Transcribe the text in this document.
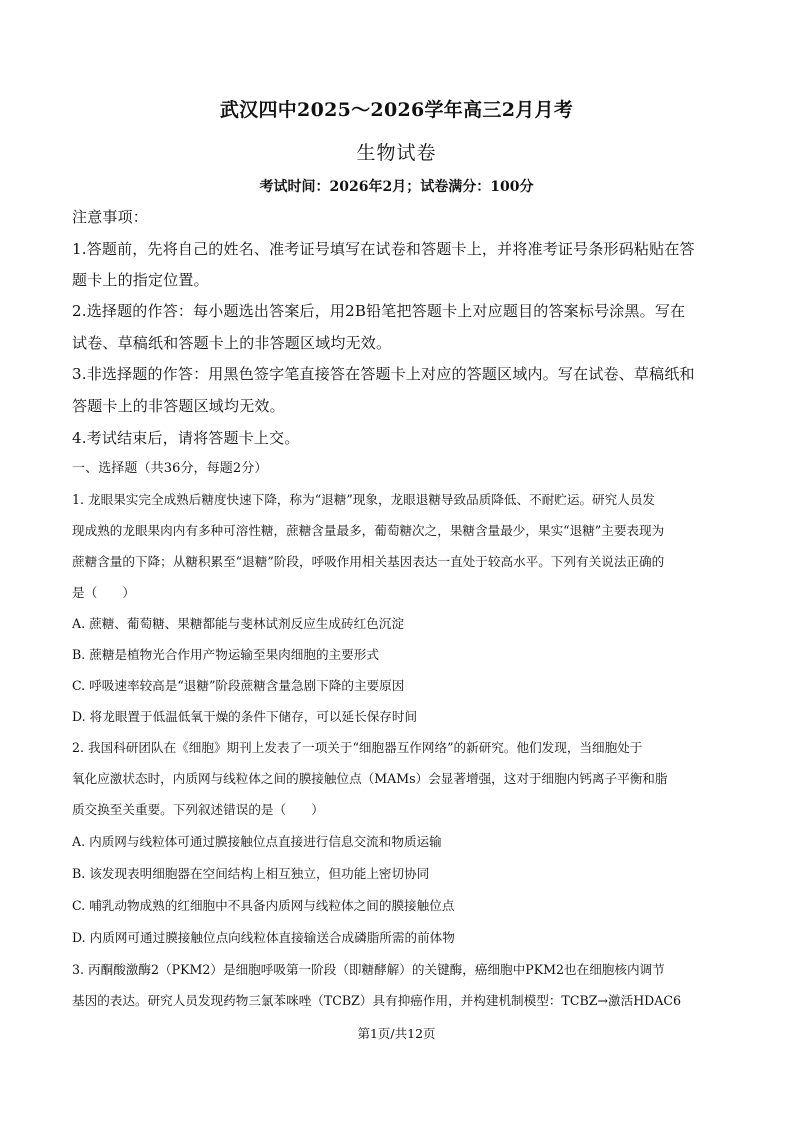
武汉四中2025～2026学年高三2月月考
生物试卷
考试时间：2026年2月；试卷满分：100分
注意事项：
1.答题前，先将自己的姓名、准考证号填写在试卷和答题卡上，并将准考证号条形码粘贴在答
题卡上的指定位置。
2.选择题的作答：每小题选出答案后，用2B铅笔把答题卡上对应题目的答案标号涂黑。写在
试卷、草稿纸和答题卡上的非答题区域均无效。
3.非选择题的作答：用黑色签字笔直接答在答题卡上对应的答题区域内。写在试卷、草稿纸和
答题卡上的非答题区域均无效。
4.考试结束后，请将答题卡上交。
一、选择题（共36分，每题2分）
1. 龙眼果实完全成熟后糖度快速下降，称为“退糖”现象，龙眼退糖导致品质降低、不耐贮运。研究人员发
现成熟的龙眼果肉内有多种可溶性糖，蔗糖含量最多，葡萄糖次之，果糖含量最少，果实“退糖”主要表现为
蔗糖含量的下降；从糖积累至“退糖”阶段，呼吸作用相关基因表达一直处于较高水平。下列有关说法正确的
是（　　）
A. 蔗糖、葡萄糖、果糖都能与斐林试剂反应生成砖红色沉淀
B. 蔗糖是植物光合作用产物运输至果肉细胞的主要形式
C. 呼吸速率较高是“退糖”阶段蔗糖含量急剧下降的主要原因
D. 将龙眼置于低温低氧干燥的条件下储存，可以延长保存时间
2. 我国科研团队在《细胞》期刊上发表了一项关于“细胞器互作网络”的新研究。他们发现，当细胞处于
氧化应激状态时，内质网与线粒体之间的膜接触位点（MAMs）会显著增强，这对于细胞内钙离子平衡和脂
质交换至关重要。下列叙述错误的是（　　）
A. 内质网与线粒体可通过膜接触位点直接进行信息交流和物质运输
B. 该发现表明细胞器在空间结构上相互独立，但功能上密切协同
C. 哺乳动物成熟的红细胞中不具备内质网与线粒体之间的膜接触位点
D. 内质网可通过膜接触位点向线粒体直接输送合成磷脂所需的前体物
3. 丙酮酸激酶2（PKM2）是细胞呼吸第一阶段（即糖酵解）的关键酶，癌细胞中PKM2也在细胞核内调节
基因的表达。研究人员发现药物三氯苯咪唑（TCBZ）具有抑癌作用，并构建机制模型：TCBZ→激活HDAC6
第1页/共12页
